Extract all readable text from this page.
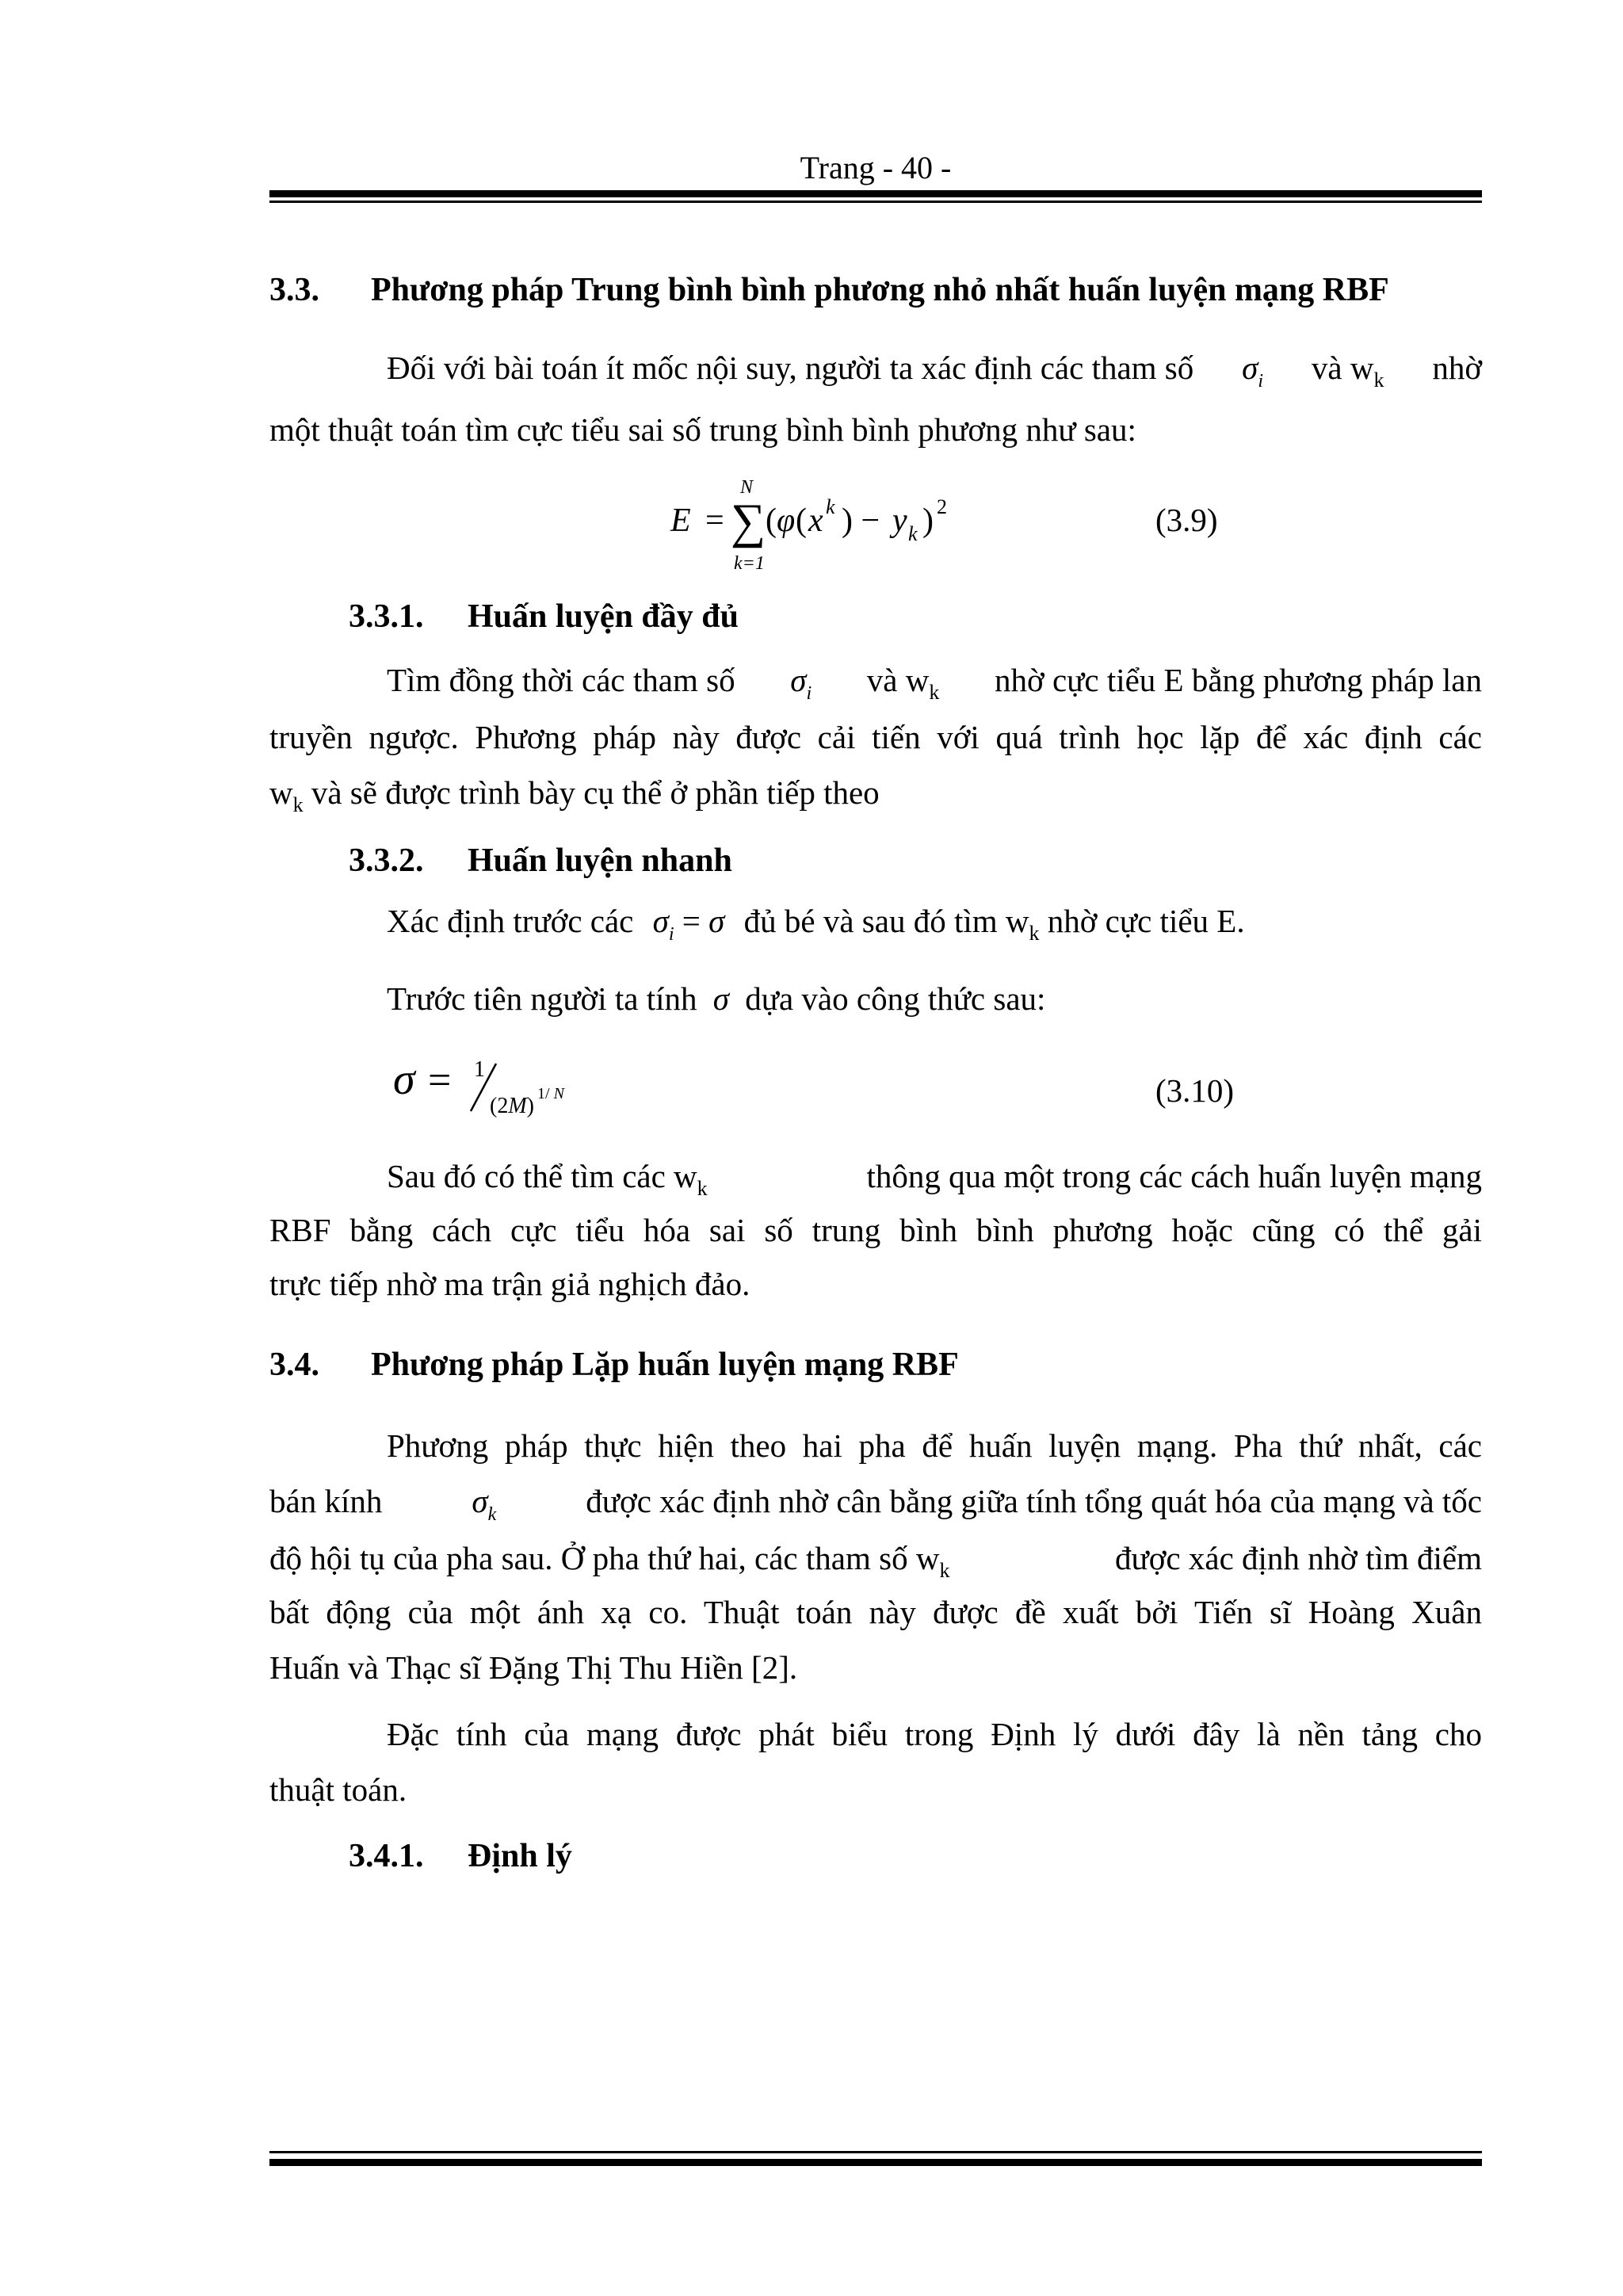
Trang - 40 -
3.3. Phương pháp Trung bình bình phương nhỏ nhất huấn luyện mạng RBF
Đối với bài toán ít mốc nội suy, người ta xác định các tham số $\sigma_i$ và $w_k$ nhờ
một thuật toán tìm cực tiểu sai số trung bình bình phương như sau:
E = ∑
N
k=1
( φ ( x k ) − y k ) 2	(3.9)
3.3.1. Huấn luyện đầy đủ
Tìm đồng thời các tham số $\sigma_i$ và $w_k$ nhờ cực tiểu E bằng phương pháp lan
truyền ngược. Phương pháp này được cải tiến với quá trình học lặp để xác định các
$w_k$ và sẽ được trình bày cụ thể ở phần tiếp theo
3.3.2. Huấn luyện nhanh
Xác định trước các $\sigma_i = \sigma$ đủ bé và sau đó tìm $w_k$ nhờ cực tiểu E.
Trước tiên người ta tính σ dựa vào công thức sau:
σ = 1
(2M) 1/ N	(3.10)
Sau đó có thể tìm các $w_k$	thông qua một trong các cách huấn luyện mạng
RBF bằng cách cực tiểu hóa sai số trung bình bình phương hoặc cũng có thể gải
trực tiếp nhờ ma trận giả nghịch đảo.
3.4. Phương pháp Lặp huấn luyện mạng RBF
Phương pháp thực hiện theo hai pha để huấn luyện mạng. Pha thứ nhất, các
bán kính	$\sigma_k$	được xác định nhờ cân bằng giữa tính tổng quát hóa của mạng và tốc
độ hội tụ của pha sau. Ở pha thứ hai, các tham số $w_k$	được xác định nhờ tìm điểm
bất động của một ánh xạ co. Thuật toán này được đề xuất bởi Tiến sĩ Hoàng Xuân
Huấn và Thạc sĩ Đặng Thị Thu Hiền [2].
Đặc tính của mạng được phát biểu trong Định lý dưới đây là nền tảng cho
thuật toán.
3.4.1. Định lý
